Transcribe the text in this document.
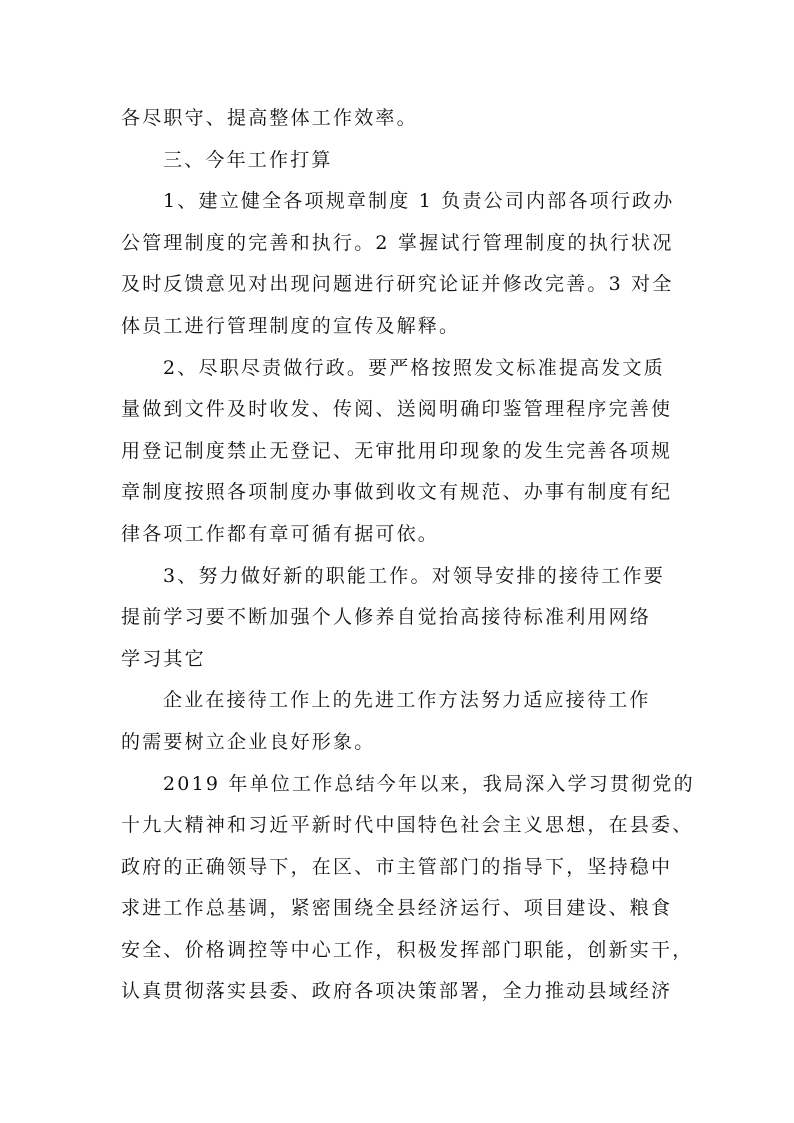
各尽职守、提高整体工作效率。
三、今年工作打算
1、建立健全各项规章制度 1 负责公司内部各项行政办
公管理制度的完善和执行。2 掌握试行管理制度的执行状况
及时反馈意见对出现问题进行研究论证并修改完善。3 对全
体员工进行管理制度的宣传及解释。
2、尽职尽责做行政。要严格按照发文标准提高发文质
量做到文件及时收发、传阅、送阅明确印鉴管理程序完善使
用登记制度禁止无登记、无审批用印现象的发生完善各项规
章制度按照各项制度办事做到收文有规范、办事有制度有纪
律各项工作都有章可循有据可依。
3、努力做好新的职能工作。对领导安排的接待工作要
提前学习要不断加强个人修养自觉抬高接待标准利用网络
学习其它
企业在接待工作上的先进工作方法努力适应接待工作
的需要树立企业良好形象。
2019 年单位工作总结今年以来，我局深入学习贯彻党的
十九大精神和习近平新时代中国特色社会主义思想，在县委、
政府的正确领导下，在区、市主管部门的指导下，坚持稳中
求进工作总基调，紧密围绕全县经济运行、项目建设、粮食
安全、价格调控等中心工作，积极发挥部门职能，创新实干，
认真贯彻落实县委、政府各项决策部署，全力推动县域经济
